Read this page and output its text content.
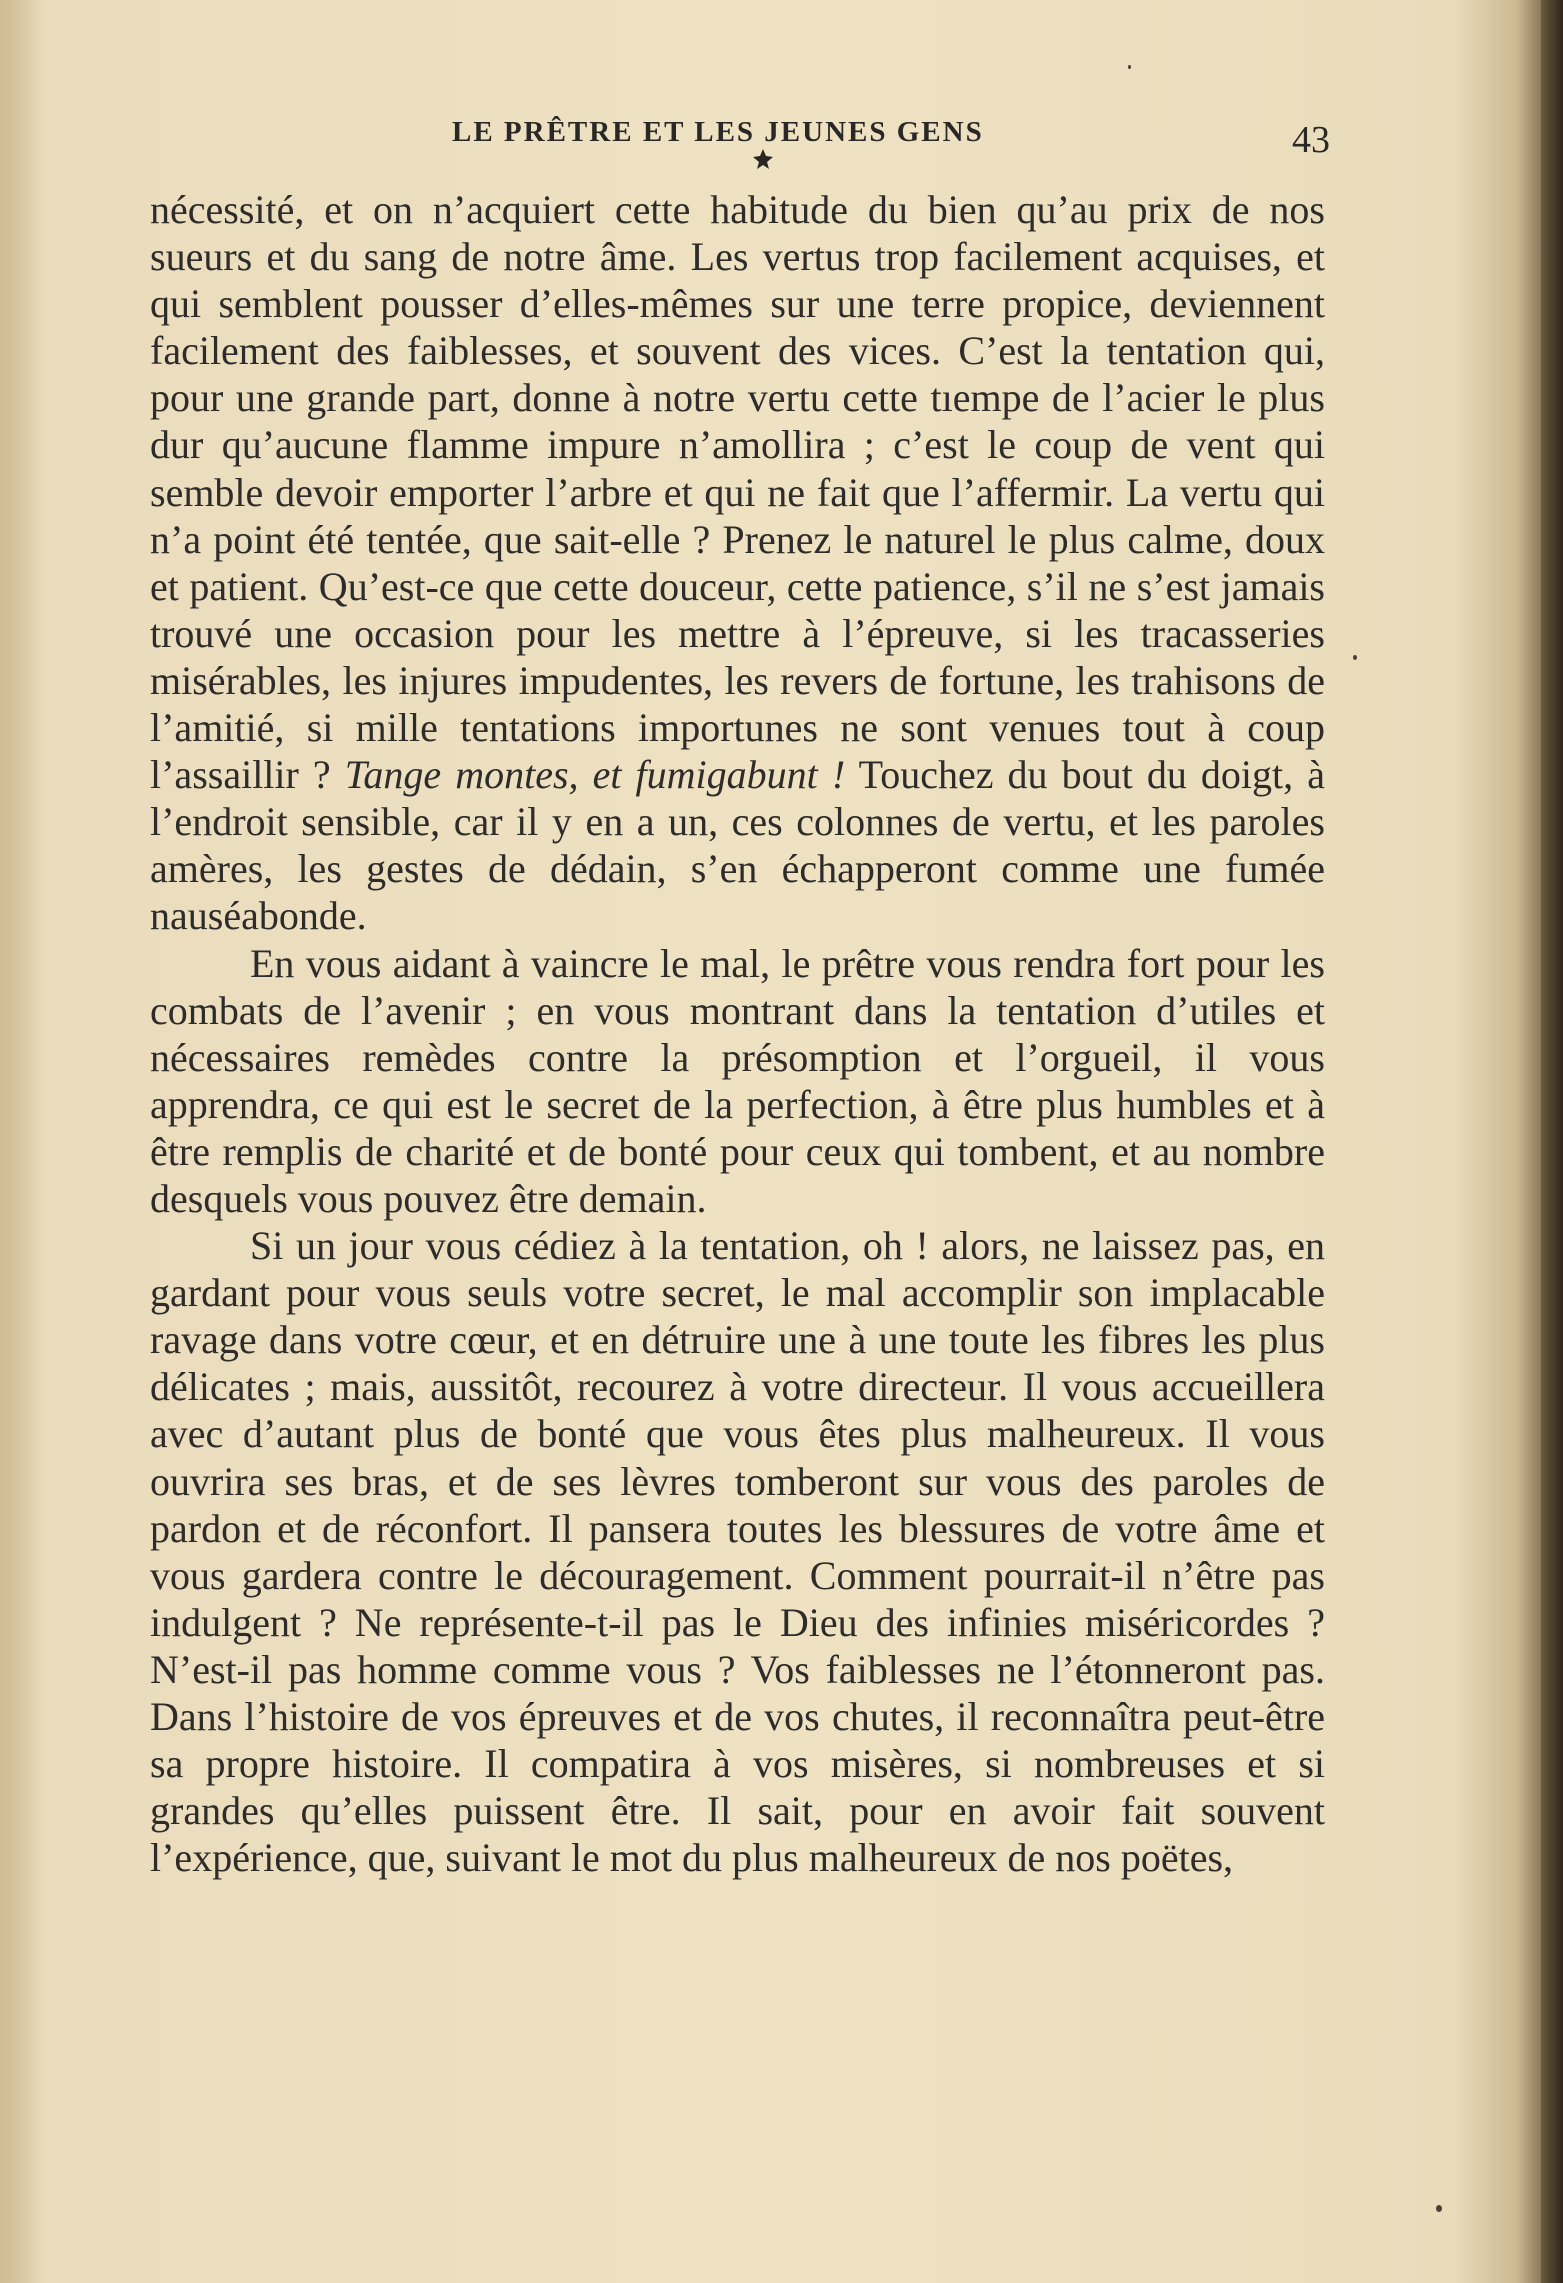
LE PRÊTRE ET LES JEUNES GENS	43

nécessité, et on n’acquiert cette habitude du bien qu’au prix de nos sueurs et du sang de notre âme. Les vertus trop facilement acquises, et qui semblent pousser d’elles-mêmes sur une terre propice, deviennent facilement des faiblesses, et souvent des vices. C’est la tentation qui, pour une grande part, donne à notre vertu cette tıempe de l’acier le plus dur qu’aucune flamme impure n’amollira ; c’est le coup de vent qui semble devoir emporter l’arbre et qui ne fait que l’affermir. La vertu qui n’a point été tentée, que sait-elle ? Prenez le naturel le plus calme, doux et patient. Qu’est-ce que cette douceur, cette patience, s’il ne s’est jamais trouvé une occasion pour les mettre à l’épreuve, si les tracasseries misérables, les injures impudentes, les revers de fortune, les trahisons de l’amitié, si mille tentations importunes ne sont venues tout à coup l’assaillir ? Tange montes, et fumigabunt ! Touchez du bout du doigt, à l’endroit sensible, car il y en a un, ces colonnes de vertu, et les paroles amères, les gestes de dédain, s’en échapperont comme une fumée nauséabonde.

En vous aidant à vaincre le mal, le prêtre vous rendra fort pour les combats de l’avenir ; en vous montrant dans la tentation d’utiles et nécessaires remèdes contre la présomption et l’orgueil, il vous apprendra, ce qui est le secret de la perfection, à être plus humbles et à être remplis de charité et de bonté pour ceux qui tombent, et au nombre desquels vous pouvez être demain.

Si un jour vous cédiez à la tentation, oh ! alors, ne laissez pas, en gardant pour vous seuls votre secret, le mal accomplir son implacable ravage dans votre cœur, et en détruire une à une toute les fibres les plus délicates ; mais, aussitôt, recourez à votre directeur. Il vous accueillera avec d’autant plus de bonté que vous êtes plus malheureux. Il vous ouvrira ses bras, et de ses lèvres tomberont sur vous des paroles de pardon et de réconfort. Il pansera toutes les blessures de votre âme et vous gardera contre le découragement. Comment pourrait-il n’être pas indulgent ? Ne représente-t-il pas le Dieu des infinies miséricordes ? N’est-il pas homme comme vous ? Vos faiblesses ne l’étonneront pas. Dans l’histoire de vos épreuves et de vos chutes, il reconnaîtra peut-être sa propre histoire. Il compatira à vos misères, si nombreuses et si grandes qu’elles puissent être. Il sait, pour en avoir fait souvent l’expérience, que, suivant le mot du plus malheureux de nos poëtes,
